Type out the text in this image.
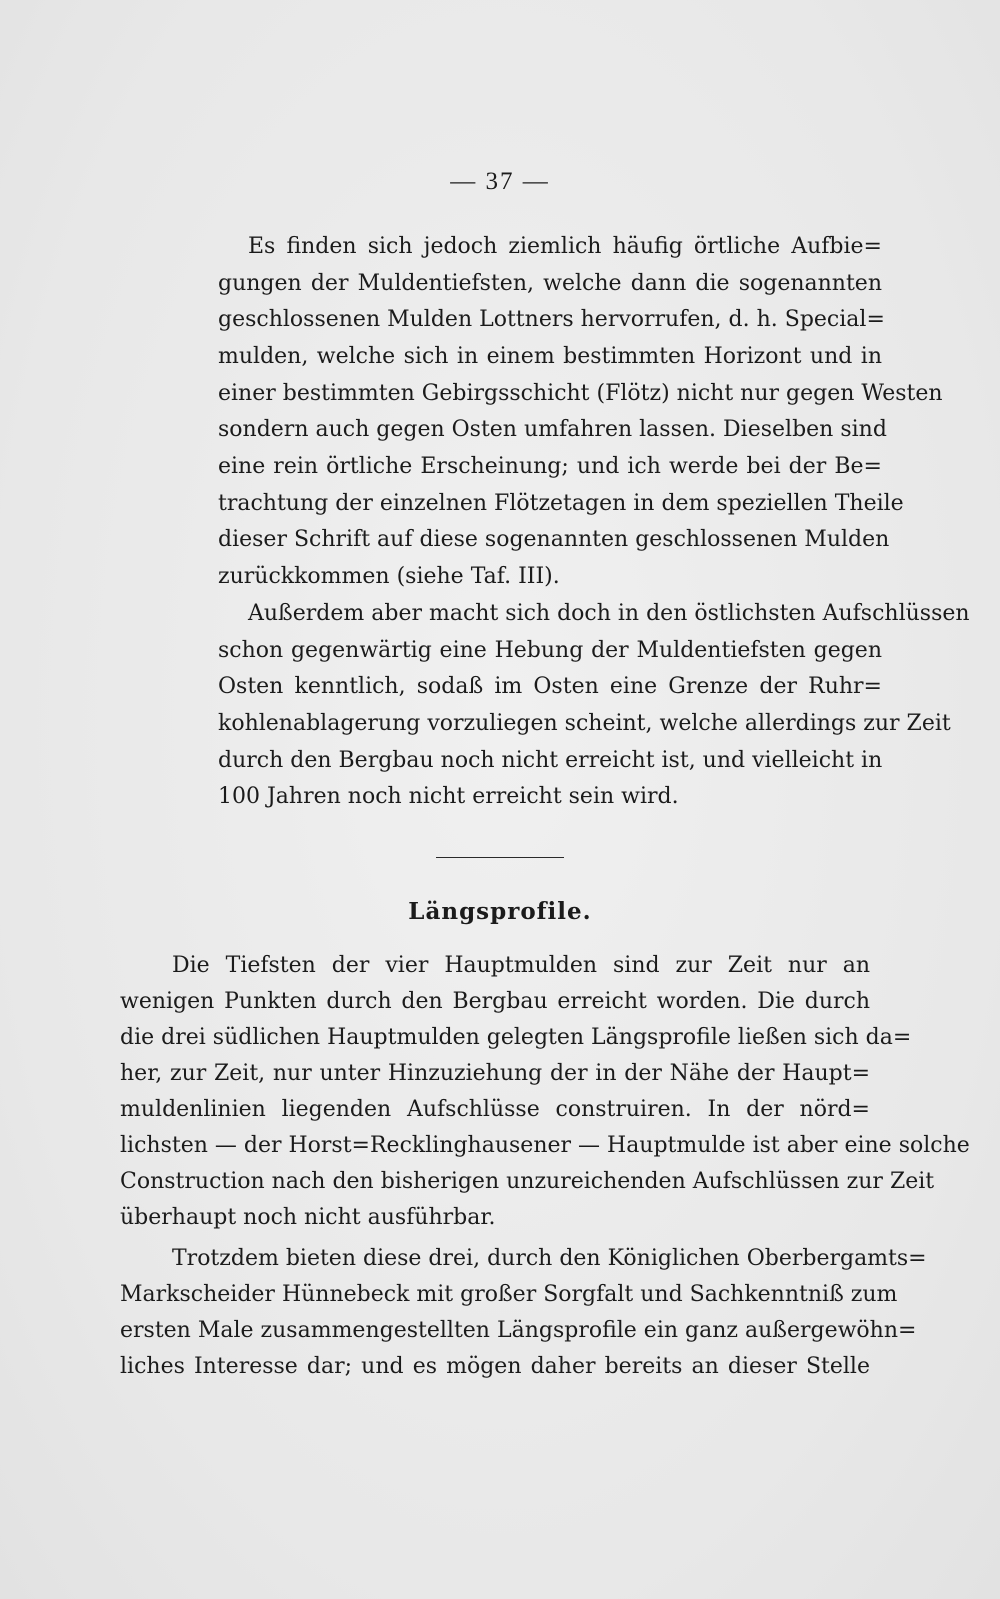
— 37 —
Es finden sich jedoch ziemlich häufig örtliche Aufbie=
gungen der Muldentiefsten, welche dann die sogenannten
geschlossenen Mulden Lottners hervorrufen, d. h. Special=
mulden, welche sich in einem bestimmten Horizont und in
einer bestimmten Gebirgsschicht (Flötz) nicht nur gegen Westen
sondern auch gegen Osten umfahren lassen. Dieselben sind
eine rein örtliche Erscheinung; und ich werde bei der Be=
trachtung der einzelnen Flötzetagen in dem speziellen Theile
dieser Schrift auf diese sogenannten geschlossenen Mulden
zurückkommen (siehe Taf. III).
Außerdem aber macht sich doch in den östlichsten Aufschlüssen
schon gegenwärtig eine Hebung der Muldentiefsten gegen
Osten kenntlich, sodaß im Osten eine Grenze der Ruhr=
kohlenablagerung vorzuliegen scheint, welche allerdings zur Zeit
durch den Bergbau noch nicht erreicht ist, und vielleicht in
100 Jahren noch nicht erreicht sein wird.
Längsprofile.
Die Tiefsten der vier Hauptmulden sind zur Zeit nur an
wenigen Punkten durch den Bergbau erreicht worden. Die durch
die drei südlichen Hauptmulden gelegten Längsprofile ließen sich da=
her, zur Zeit, nur unter Hinzuziehung der in der Nähe der Haupt=
muldenlinien liegenden Aufschlüsse construiren. In der nörd=
lichsten — der Horst=Recklinghausener — Hauptmulde ist aber eine solche
Construction nach den bisherigen unzureichenden Aufschlüssen zur Zeit
überhaupt noch nicht ausführbar.
Trotzdem bieten diese drei, durch den Königlichen Oberbergamts=
Markscheider Hünnebeck mit großer Sorgfalt und Sachkenntniß zum
ersten Male zusammengestellten Längsprofile ein ganz außergewöhn=
liches Interesse dar; und es mögen daher bereits an dieser Stelle
